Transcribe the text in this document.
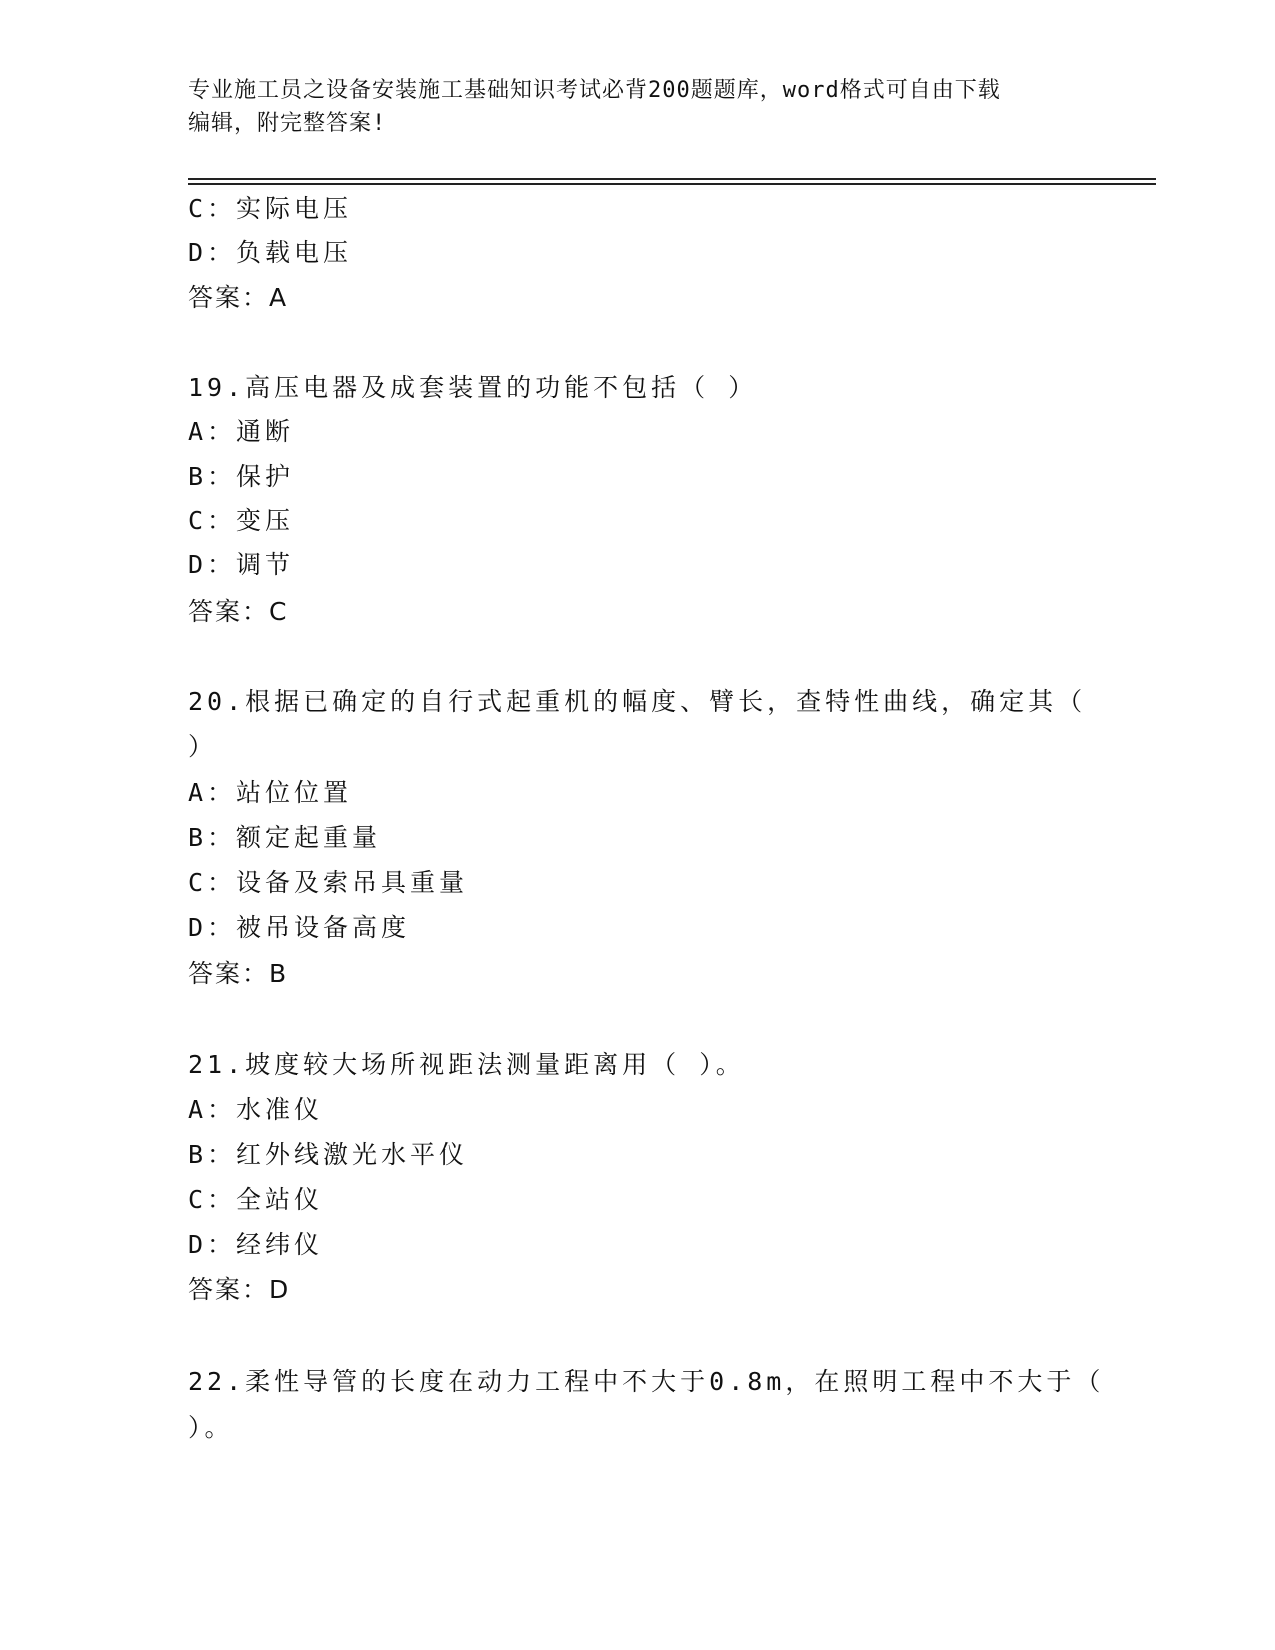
专业施工员之设备安装施工基础知识考试必背200题题库，word格式可自由下载
编辑，附完整答案!
C：实际电压
D：负载电压
答案：A
19.高压电器及成套装置的功能不包括（ ）
A：通断
B：保护
C：变压
D：调节
答案：C
20.根据已确定的自行式起重机的幅度、臂长，查特性曲线，确定其（
）
A：站位位置
B：额定起重量
C：设备及索吊具重量
D：被吊设备高度
答案：B
21.坡度较大场所视距法测量距离用（ ）。
A：水准仪
B：红外线激光水平仪
C：全站仪
D：经纬仪
答案：D
22.柔性导管的长度在动力工程中不大于0.8m，在照明工程中不大于（
）。
